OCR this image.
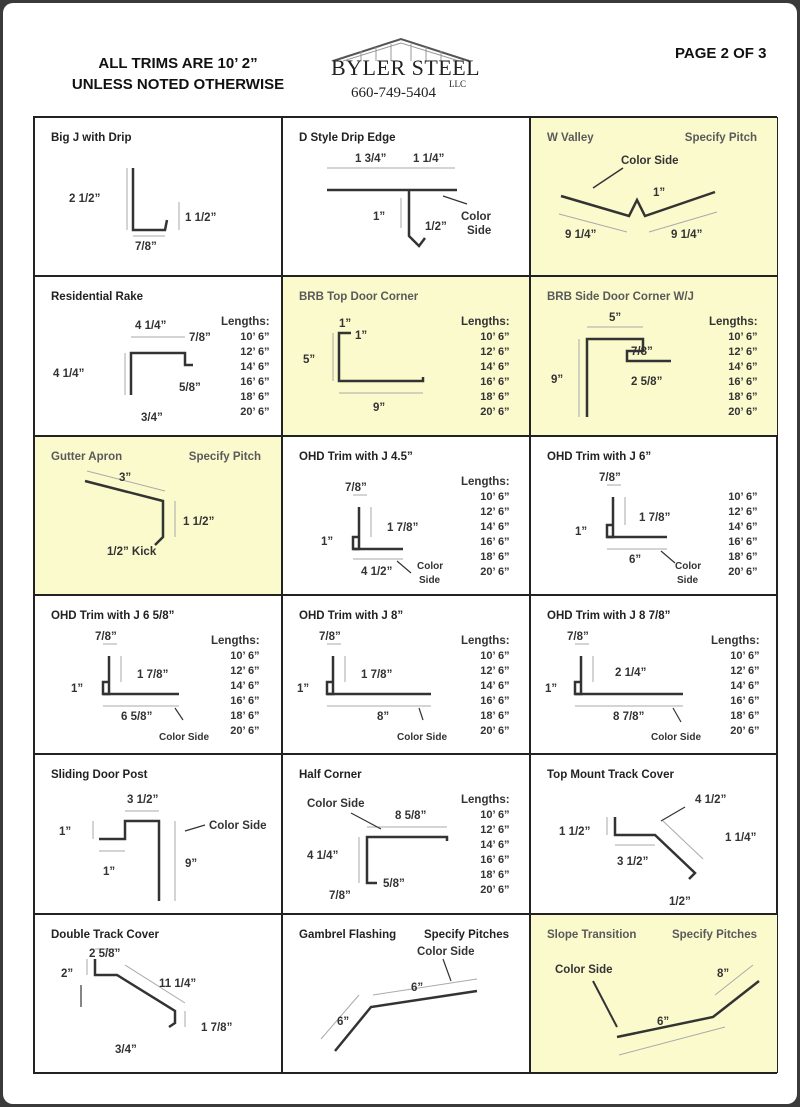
ALL TRIMS ARE 10’ 2”
UNLESS NOTED OTHERWISE
BYLER STEEL
LLC
660-749-5404
PAGE 2 OF 3
Big J with Drip
2 1/2”
1 1/2”
7/8”
D Style Drip Edge
1 3/4” 1 1/4”
1”
1/2”
Color
Side
W Valley	Specify Pitch
Color Side
1”
9 1/4”	9 1/4”
Residential Rake
4 1/4”
7/8”
4 1/4”
5/8”
3/4”
Lengths:
10’ 6”
12’ 6”
14’ 6”
16’ 6”
18’ 6”
20’ 6”
BRB Top Door Corner
1”
1”
5”
9”
Lengths:
10’ 6”
12’ 6”
14’ 6”
16’ 6”
18’ 6”
20’ 6”
BRB Side Door Corner W/J
5”
7/8”
9”	2 5/8”
Lengths:
10’ 6”
12’ 6”
14’ 6”
16’ 6”
18’ 6”
20’ 6”
Gutter Apron	Specify Pitch
3”
1 1/2”
1/2” Kick
OHD Trim with J 4.5”
7/8”
1 7/8”
1”
4 1/2” Color
Side
Lengths:
10’ 6”
12’ 6”
14’ 6”
16’ 6”
18’ 6”
20’ 6”
OHD Trim with J 6”
7/8”
1 7/8”
1”
6”
Color
Side
10’ 6”
12’ 6”
14’ 6”
16’ 6”
18’ 6”
20’ 6”
OHD Trim with J 6 5/8”
7/8”
1 7/8”
1”
6 5/8”
Color Side
Lengths:
10’ 6”
12’ 6”
14’ 6”
16’ 6”
18’ 6”
20’ 6”
OHD Trim with J 8”
7/8”
1 7/8”
1”
8”
Color Side
Lengths:
10’ 6”
12’ 6”
14’ 6”
16’ 6”
18’ 6”
20’ 6”
OHD Trim with J 8 7/8”
7/8”
2 1/4”
1”
8 7/8”
Color Side
Lengths:
10’ 6”
12’ 6”
14’ 6”
16’ 6”
18’ 6”
20’ 6”
Sliding Door Post
3 1/2”
Color Side
1”
1”
9”
Half Corner
Color Side
8 5/8”
4 1/4”
7/8”
5/8”
Lengths:
10’ 6”
12’ 6”
14’ 6”
16’ 6”
18’ 6”
20’ 6”
Top Mount Track Cover
4 1/2”
1 1/2”	1 1/4”
3 1/2”
1/2”
Double Track Cover
2 5/8”
2”
11 1/4”
1 7/8”
3/4”
Gambrel Flashing Specify Pitches
Color Side
6”
6”
Slope Transition	Specify Pitches
Color Side	8”
6”
